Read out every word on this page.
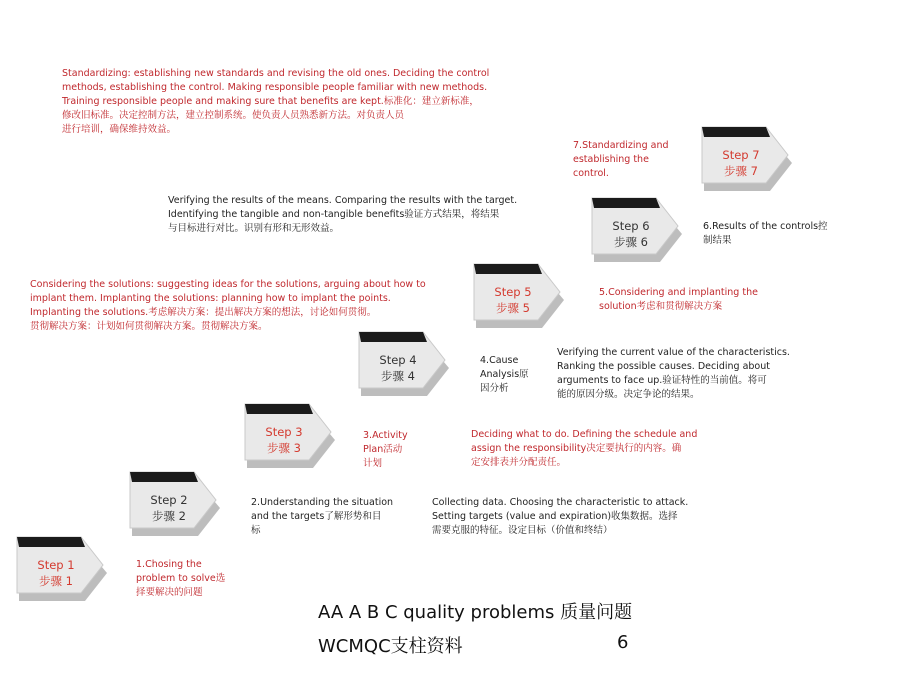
Step 1
步骤 1
Step 2
步骤 2
Step 3
步骤 3
Step 4
步骤 4
Step 5
步骤 5
Step 6
步骤 6
Step 7
步骤 7
Standardizing: establishing new standards and revising the old ones. Deciding the control
methods, establishing the control. Making responsible people familiar with new methods.
Training responsible people and making sure that benefits are kept.标准化：建立新标准，
修改旧标准。决定控制方法，建立控制系统。使负责人员熟悉新方法。对负责人员
进行培训，确保维持效益。
7.Standardizing and
establishing the
control.
Verifying the results of the means. Comparing the results with the target.
Identifying the tangible and non-tangible benefits验证方式结果，将结果
与目标进行对比。识别有形和无形效益。	6.Results of the controls控
制结果
Considering the solutions: suggesting ideas for the solutions, arguing about how to
implant them. Implanting the solutions: planning how to implant the points.
Implanting the solutions.考虑解决方案：提出解决方案的想法，讨论如何贯彻。
贯彻解决方案：计划如何贯彻解决方案。贯彻解决方案。
5.Considering and implanting the
solution考虑和贯彻解决方案
4.Cause
Analysis原
因分析
Verifying the current value of the characteristics.
Ranking the possible causes. Deciding about
arguments to face up.验证特性的当前值。将可
能的原因分级。决定争论的结果。
3.Activity
Plan活动
计划
Deciding what to do. Defining the schedule and
assign the responsibility决定要执行的内容。确
定安排表并分配责任。
2.Understanding the situation
and the targets了解形势和目
标
Collecting data. Choosing the characteristic to attack.
Setting targets (value and expiration)收集数据。选择
需要克服的特征。设定目标（价值和终结）
1.Chosing the
problem to solve选
择要解决的问题
AA A B C quality problems 质量问题
WCMQC支柱资料	6
